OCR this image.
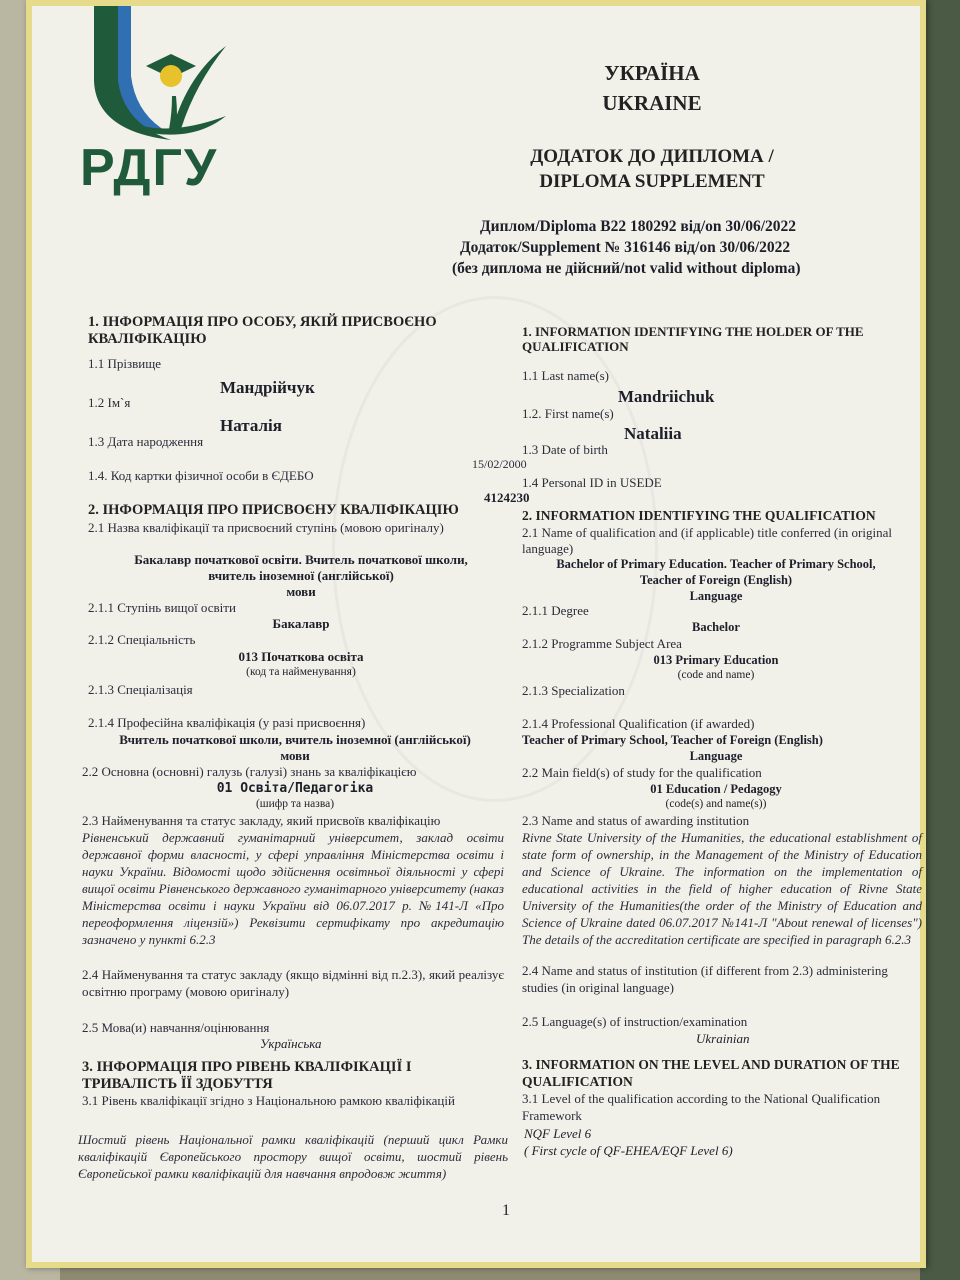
РДГУ
УКРАЇНА
UKRAINE
ДОДАТОК ДО ДИПЛОМА /
DIPLOMA SUPPLEMENT
Диплом/Diploma В22 180292 від/on 30/06/2022
Додаток/Supplement № 316146 від/on 30/06/2022
(без диплома не дійсний/not valid without diploma)
1. ІНФОРМАЦІЯ ПРО ОСОБУ, ЯКІЙ ПРИСВОЄНО КВАЛІФІКАЦІЮ
1.1 Прізвище
Мандрійчук
1.2 Ім`я
Наталія
1.3 Дата народження
15/02/2000
1.4. Код картки фізичної особи в ЄДЕБО
4124230
2. ІНФОРМАЦІЯ ПРО ПРИСВОЄНУ КВАЛІФІКАЦІЮ
2.1 Назва кваліфікації та присвоєний ступінь (мовою оригіналу)
Бакалавр початкової освіти. Вчитель початкової школи,
вчитель іноземної (англійської)
мови
2.1.1 Ступінь вищої освіти
Бакалавр
2.1.2 Спеціальність
013 Початкова освіта
(код та найменування)
2.1.3 Спеціалізація
2.1.4 Професійна кваліфікація (у разі присвоєння)
Вчитель початкової школи, вчитель іноземної (англійської)
мови
2.2 Основна (основні) галузь (галузі) знань за кваліфікацією
01 Освіта/Педагогіка
(шифр та назва)
2.3 Найменування та статус закладу, який присвоїв кваліфікацію
Рівненський державний гуманітарний університет, заклад освіти державної форми власності, у сфері управління Міністерства освіти і науки України. Відомості щодо здійснення освітньої діяльності у сфері вищої освіти Рівненського державного гуманітарного університету (наказ Міністерства освіти і науки України від 06.07.2017 р. №141-Л «Про переоформлення ліцензій») Реквізити сертифікату про акредитацію зазначено у пункті 6.2.3
2.4 Найменування та статус закладу (якщо відмінні від п.2.3), який реалізує освітню програму (мовою оригіналу)
2.5 Мова(и) навчання/оцінювання
Українська
3. ІНФОРМАЦІЯ ПРО РІВЕНЬ КВАЛІФІКАЦІЇ І ТРИВАЛІСТЬ ЇЇ ЗДОБУТТЯ
3.1 Рівень кваліфікації згідно з Національною рамкою кваліфікацій
Шостий рівень Національної рамки кваліфікацій (перший цикл Рамки кваліфікацій Європейського простору вищої освіти, шостий рівень Європейської рамки кваліфікацій для навчання впродовж життя)
1. INFORMATION IDENTIFYING THE HOLDER OF THE QUALIFICATION
1.1 Last name(s)
Mandriichuk
1.2. First name(s)
Nataliia
1.3 Date of birth
1.4 Personal ID in USEDE
2. INFORMATION IDENTIFYING THE QUALIFICATION
2.1 Name of qualification and (if applicable) title conferred (in original language)
Bachelor of Primary Education. Teacher of Primary School,
Teacher of Foreign (English)
Language
2.1.1 Degree
Bachelor
2.1.2 Programme Subject Area
013 Primary Education
(code and name)
2.1.3 Specialization
2.1.4 Professional Qualification (if awarded)
Teacher of Primary School, Teacher of Foreign (English)
Language
2.2 Main field(s) of study for the qualification
01 Education / Pedagogy
(code(s) and name(s))
2.3 Name and status of awarding institution
Rivne State University of the Humanities, the educational establishment of state form of ownership, in the Management of the Ministry of Education and Science of Ukraine. The information on the implementation of educational activities in the field of higher education of Rivne State University of the Humanities(the order of the Ministry of Education and Science of Ukraine dated 06.07.2017 №141-Л "About renewal of licenses") The details of the accreditation certificate are specified in paragraph 6.2.3
2.4 Name and status of institution (if different from 2.3) administering studies (in original language)
2.5 Language(s) of instruction/examination
Ukrainian
3. INFORMATION ON THE LEVEL AND DURATION OF THE QUALIFICATION
3.1 Level of the qualification according to the National Qualification Framework
NQF Level 6
( First cycle of QF-EHEA/EQF Level 6)
1
